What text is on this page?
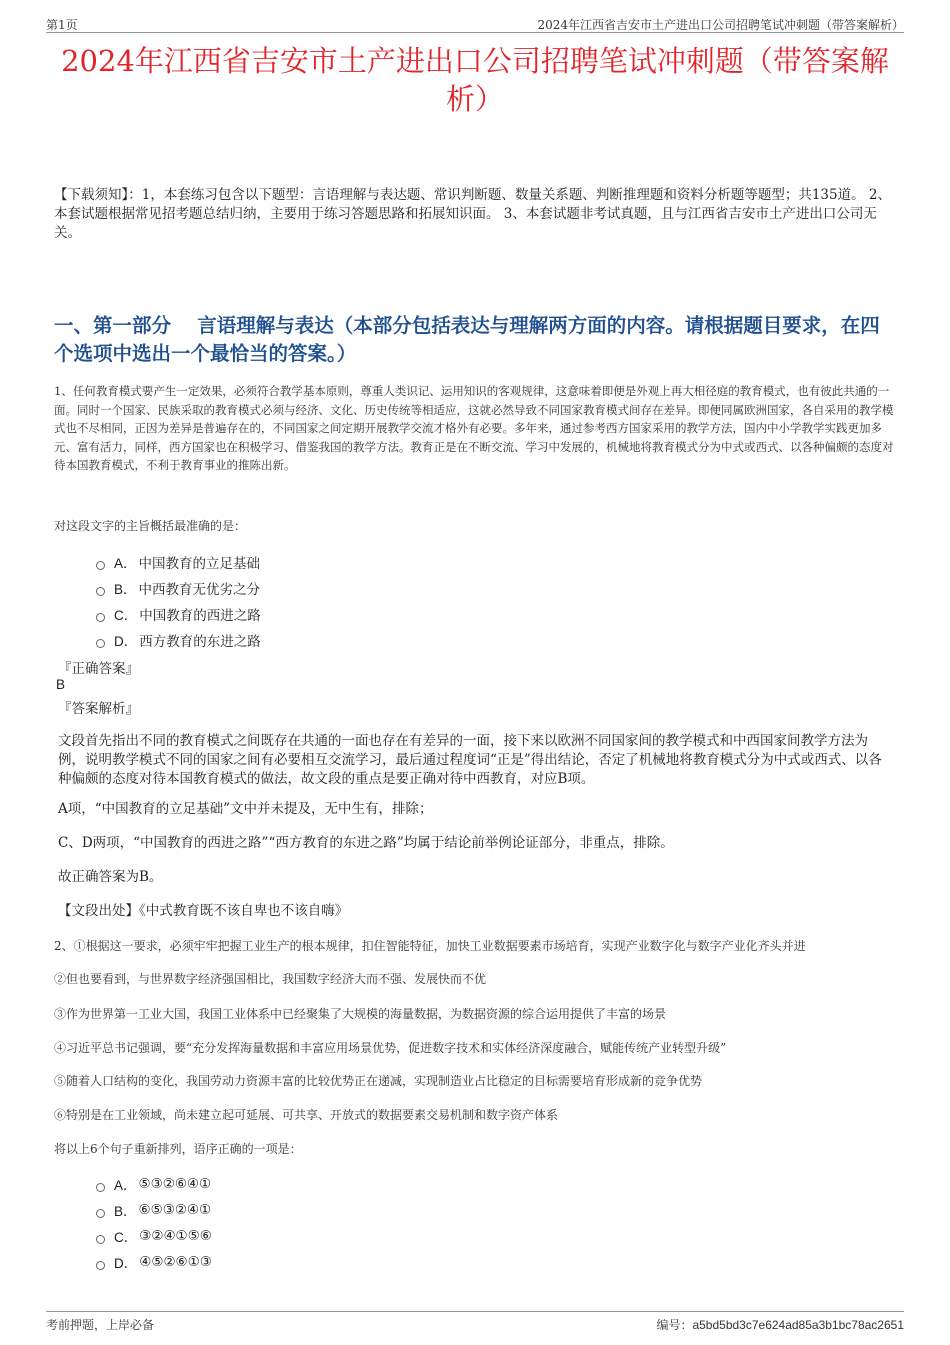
第1页	2024年江西省吉安市土产进出口公司招聘笔试冲刺题（带答案解析）
2024年江西省吉安市土产进出口公司招聘笔试冲刺题（带答案解析）

【下载须知】：1，本套练习包含以下题型：言语理解与表达题、常识判断题、数量关系题、判断推理题和资料分析题等题型；共135道。 2、本套试题根据常见招考题总结归纳，主要用于练习答题思路和拓展知识面。 3、本套试题非考试真题，且与江西省吉安市土产进出口公司无关。

一、第一部分　 言语理解与表达（本部分包括表达与理解两方面的内容。请根据题目要求，在四个选项中选出一个最恰当的答案。）

1、任何教育模式要产生一定效果，必须符合教学基本原则，尊重人类识记、运用知识的客观规律，这意味着即便是外观上再大相径庭的教育模式，也有彼此共通的一面。同时一个国家、民族采取的教育模式必须与经济、文化、历史传统等相适应，这就必然导致不同国家教育模式间存在差异。即便同属欧洲国家，各自采用的教学模式也不尽相同，正因为差异是普遍存在的，不同国家之间定期开展教学交流才格外有必要。多年来，通过参考西方国家采用的教学方法，国内中小学教学实践更加多元、富有活力，同样，西方国家也在积极学习、借鉴我国的教学方法。教育正是在不断交流、学习中发展的，机械地将教育模式分为中式或西式、以各种偏颇的态度对待本国教育模式，不利于教育事业的推陈出新。

对这段文字的主旨概括最准确的是：

A． 中国教育的立足基础
B． 中西教育无优劣之分
C． 中国教育的西进之路
D． 西方教育的东进之路

『正确答案』

B

『答案解析』

文段首先指出不同的教育模式之间既存在共通的一面也存在有差异的一面，接下来以欧洲不同国家间的教学模式和中西国家间教学方法为例，说明教学模式不同的国家之间有必要相互交流学习，最后通过程度词“正是”得出结论，否定了机械地将教育模式分为中式或西式、以各种偏颇的态度对待本国教育模式的做法，故文段的重点是要正确对待中西教育，对应B项。

A项，“中国教育的立足基础”文中并未提及，无中生有，排除；

C、D两项，“中国教育的西进之路”“西方教育的东进之路”均属于结论前举例论证部分，非重点，排除。

故正确答案为B。

【文段出处】《中式教育既不该自卑也不该自嗨》

2、①根据这一要求，必须牢牢把握工业生产的根本规律，扣住智能特征，加快工业数据要素市场培育，实现产业数字化与数字产业化齐头并进

②但也要看到，与世界数字经济强国相比，我国数字经济大而不强、发展快而不优

③作为世界第一工业大国，我国工业体系中已经聚集了大规模的海量数据，为数据资源的综合运用提供了丰富的场景

④习近平总书记强调，要“充分发挥海量数据和丰富应用场景优势，促进数字技术和实体经济深度融合，赋能传统产业转型升级”

⑤随着人口结构的变化，我国劳动力资源丰富的比较优势正在递减，实现制造业占比稳定的目标需要培育形成新的竞争优势

⑥特别是在工业领域，尚未建立起可延展、可共享、开放式的数据要素交易机制和数字资产体系

将以上6个句子重新排列，语序正确的一项是：

A． ⑤③②⑥④①
B． ⑥⑤③②④①
C． ③②④①⑤⑥
D． ④⑤②⑥①③
考前押题，上岸必备	编号：a5bd5bd3c7e624ad85a3b1bc78ac2651
